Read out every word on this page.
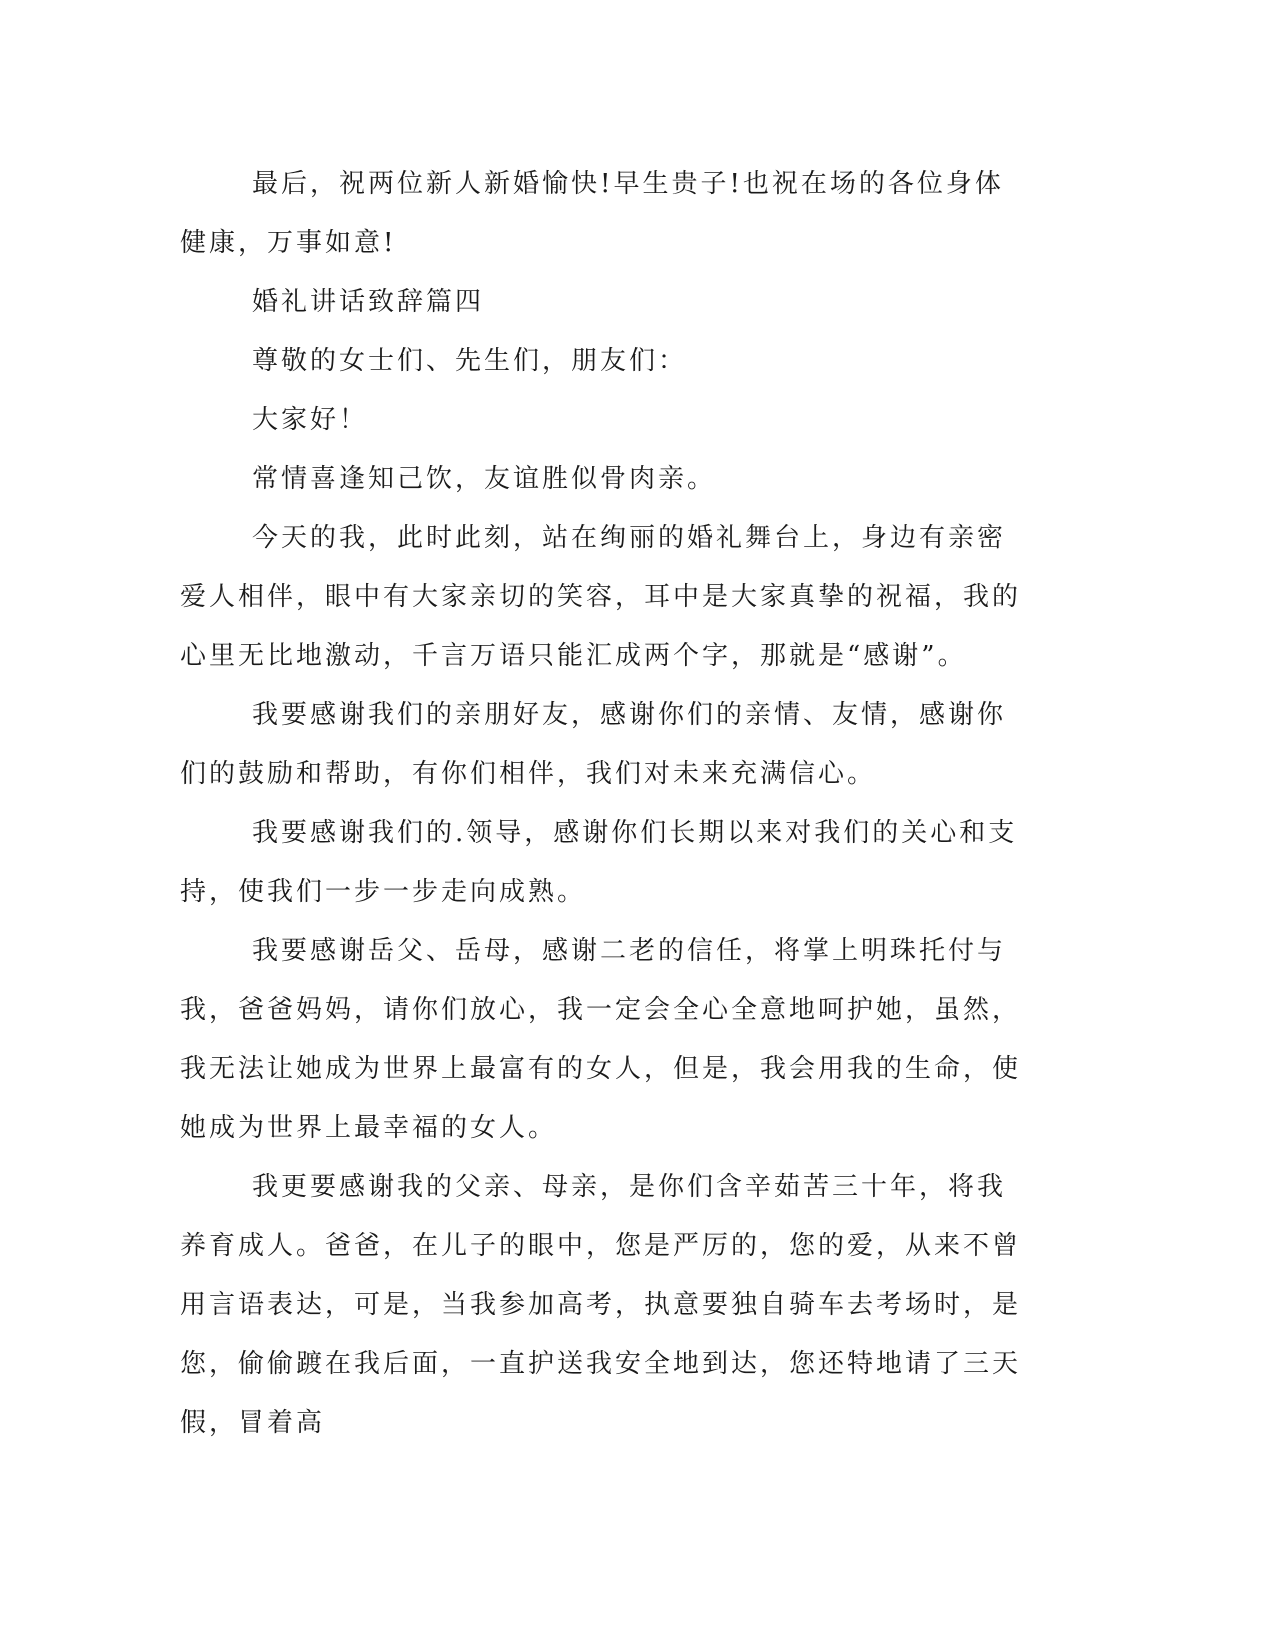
最后，祝两位新人新婚愉快!早生贵子!也祝在场的各位身体健康，万事如意!

婚礼讲话致辞篇四

尊敬的女士们、先生们，朋友们：

大家好！

常情喜逢知己饮，友谊胜似骨肉亲。

今天的我，此时此刻，站在绚丽的婚礼舞台上，身边有亲密爱人相伴，眼中有大家亲切的笑容，耳中是大家真挚的祝福，我的心里无比地激动，千言万语只能汇成两个字，那就是“感谢”。

我要感谢我们的亲朋好友，感谢你们的亲情、友情，感谢你们的鼓励和帮助，有你们相伴，我们对未来充满信心。

我要感谢我们的.领导，感谢你们长期以来对我们的关心和支持，使我们一步一步走向成熟。

我要感谢岳父、岳母，感谢二老的信任，将掌上明珠托付与我，爸爸妈妈，请你们放心，我一定会全心全意地呵护她，虽然，我无法让她成为世界上最富有的女人，但是，我会用我的生命，使她成为世界上最幸福的女人。

我更要感谢我的父亲、母亲，是你们含辛茹苦三十年，将我养育成人。爸爸，在儿子的眼中，您是严厉的，您的爱，从来不曾用言语表达，可是，当我参加高考，执意要独自骑车去考场时，是您，偷偷踱在我后面，一直护送我安全地到达，您还特地请了三天假，冒着高
